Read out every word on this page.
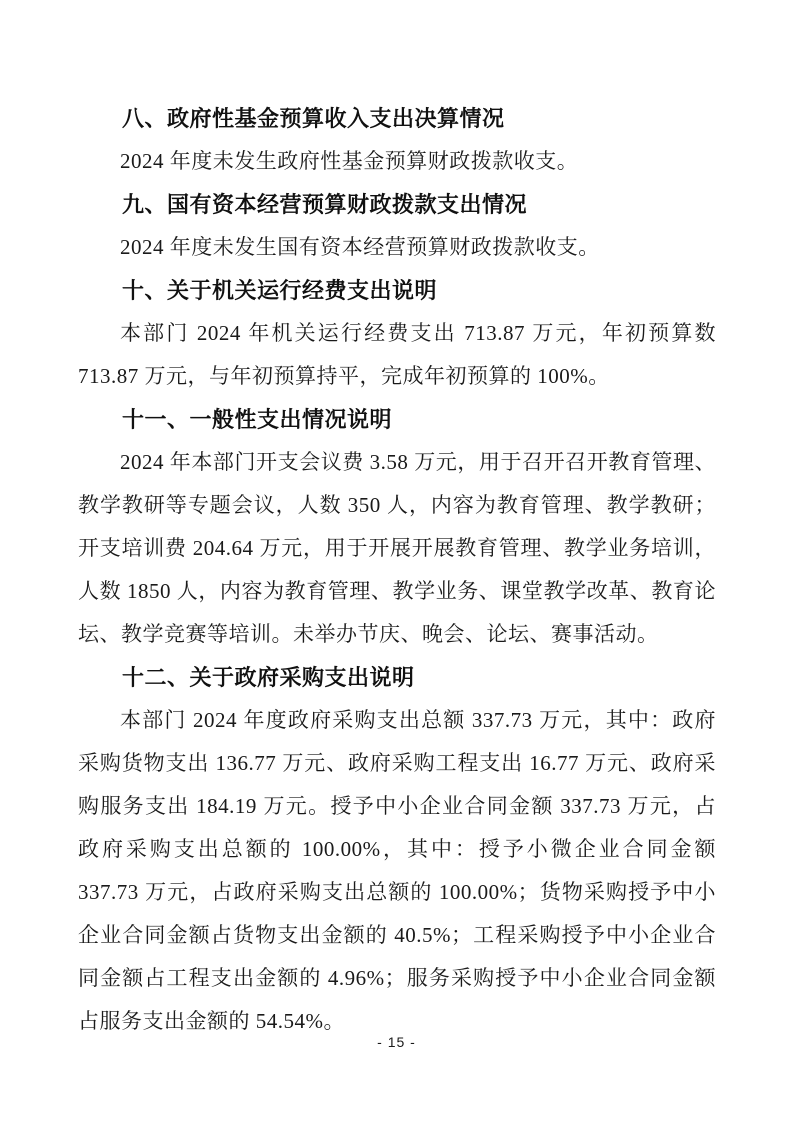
八、政府性基金预算收入支出决算情况

2024 年度未发生政府性基金预算财政拨款收支。

九、国有资本经营预算财政拨款支出情况

2024 年度未发生国有资本经营预算财政拨款收支。

十、关于机关运行经费支出说明

本部门 2024 年机关运行经费支出 713.87 万元，年初预算数 713.87 万元，与年初预算持平，完成年初预算的 100%。

十一、一般性支出情况说明

2024 年本部门开支会议费 3.58 万元，用于召开召开教育管理、教学教研等专题会议，人数 350 人，内容为教育管理、教学教研；开支培训费 204.64 万元，用于开展开展教育管理、教学业务培训，人数 1850 人，内容为教育管理、教学业务、课堂教学改革、教育论坛、教学竞赛等培训。未举办节庆、晚会、论坛、赛事活动。

十二、关于政府采购支出说明

本部门 2024 年度政府采购支出总额 337.73 万元，其中：政府采购货物支出 136.77 万元、政府采购工程支出 16.77 万元、政府采购服务支出 184.19 万元。授予中小企业合同金额 337.73 万元，占政府采购支出总额的 100.00%，其中：授予小微企业合同金额 337.73 万元，占政府采购支出总额的 100.00%；货物采购授予中小企业合同金额占货物支出金额的 40.5%；工程采购授予中小企业合同金额占工程支出金额的 4.96%；服务采购授予中小企业合同金额占服务支出金额的 54.54%。

- 15 -
